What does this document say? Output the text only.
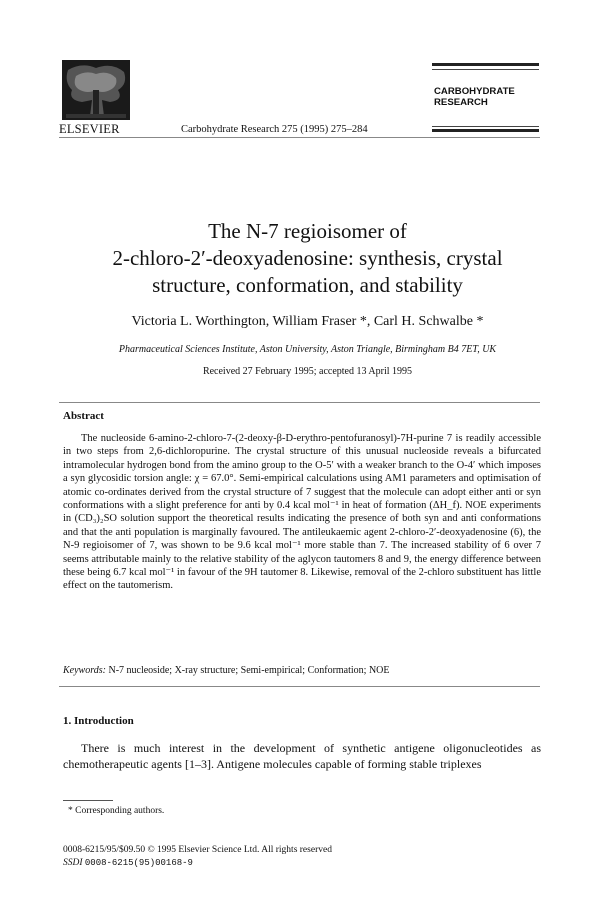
ELSEVIER	Carbohydrate Research 275 (1995) 275–284
CARBOHYDRATE
RESEARCH
The N-7 regioisomer of
2-chloro-2′-deoxyadenosine: synthesis, crystal
structure, conformation, and stability
Victoria L. Worthington, William Fraser *, Carl H. Schwalbe *
Pharmaceutical Sciences Institute, Aston University, Aston Triangle, Birmingham B4 7ET, UK
Received 27 February 1995; accepted 13 April 1995
Abstract

The nucleoside 6-amino-2-chloro-7-(2-deoxy-β-D-erythro-pentofuranosyl)-7H-purine 7 is readily accessible in two steps from 2,6-dichloropurine. The crystal structure of this unusual nucleoside reveals a bifurcated intramolecular hydrogen bond from the amino group to the O-5′ with a weaker branch to the O-4′ which imposes a syn glycosidic torsion angle: χ = 67.0°. Semi-empirical calculations using AM1 parameters and optimisation of atomic co-ordinates derived from the crystal structure of 7 suggest that the molecule can adopt either anti or syn conformations with a slight preference for anti by 0.4 kcal mol⁻¹ in heat of formation (ΔH_f). NOE experiments in (CD₃)₂SO solution support the theoretical results indicating the presence of both syn and anti conformations and that the anti population is marginally favoured. The antileukaemic agent 2-chloro-2′-deoxyadenosine (6), the N-9 regioisomer of 7, was shown to be 9.6 kcal mol⁻¹ more stable than 7. The increased stability of 6 over 7 seems attributable mainly to the relative stability of the aglycon tautomers 8 and 9, the energy difference between these being 6.7 kcal mol⁻¹ in favour of the 9H tautomer 8. Likewise, removal of the 2-chloro substituent has little effect on the tautomerism.

Keywords: N-7 nucleoside; X-ray structure; Semi-empirical; Conformation; NOE
1. Introduction

There is much interest in the development of synthetic antigene oligonucleotides as chemotherapeutic agents [1–3]. Antigene molecules capable of forming stable triplexes

* Corresponding authors.
0008-6215/95/$09.50 © 1995 Elsevier Science Ltd. All rights reserved
SSDI 0008-6215(95)00168-9
